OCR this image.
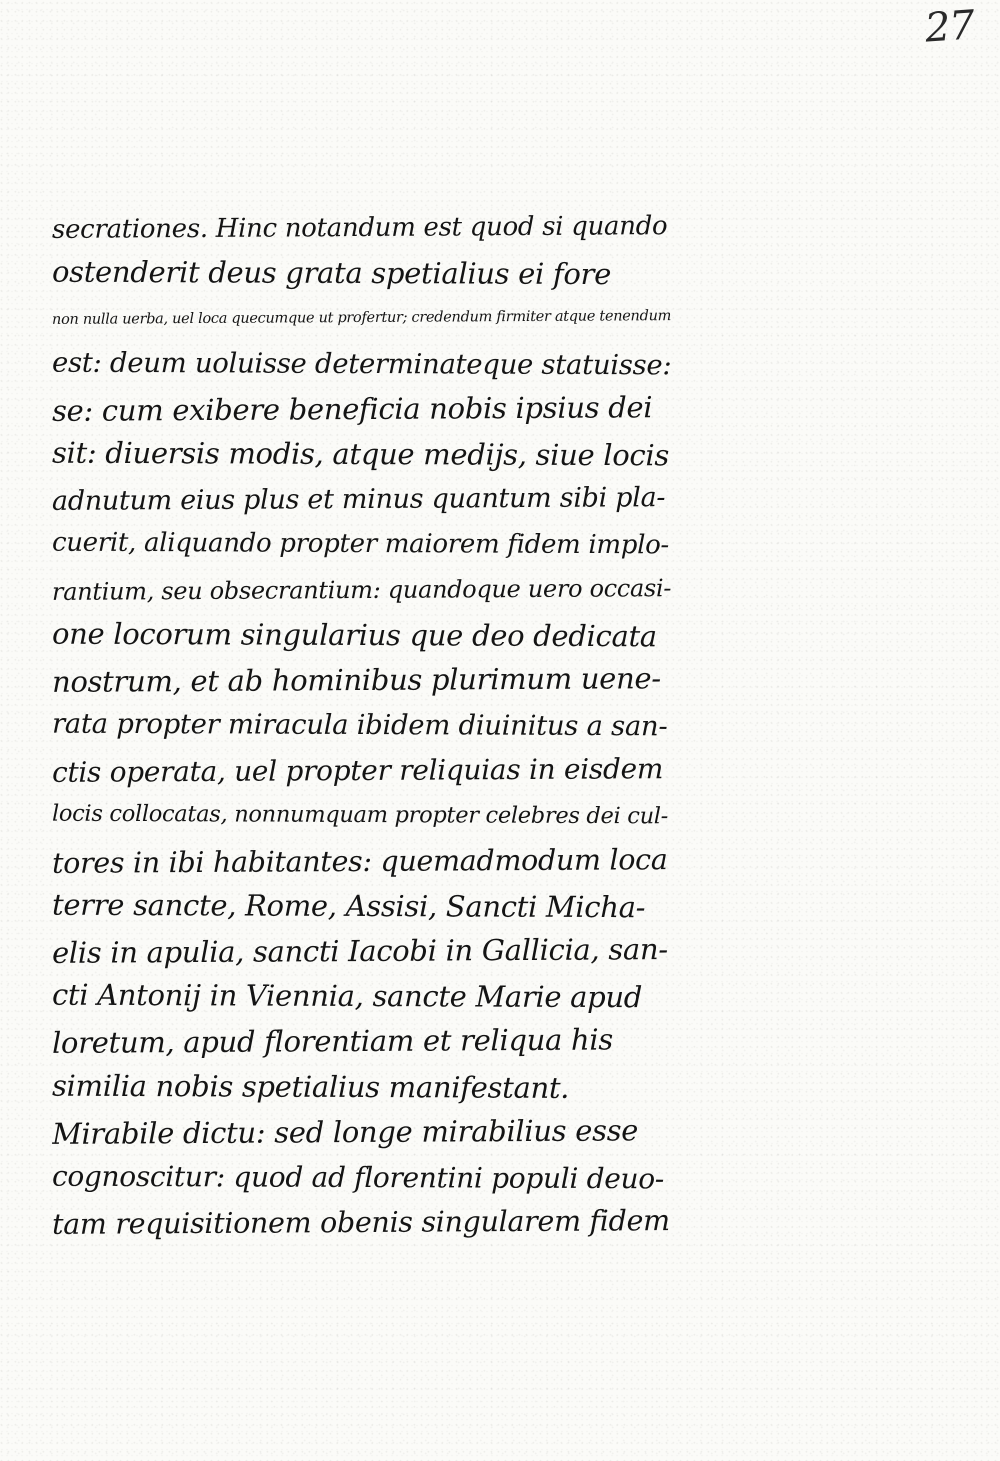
27

secrationes. Hinc notandum est quod si quando
ostenderit deus grata spetialius ei fore
non nulla uerba, uel loca quecumque ut profertur; credendum firmiter atque tenendum
est: deum uoluisse determinateque statuisse:
se: cum exibere beneficia nobis ipsius dei
sit: diuersis modis, atque medijs, siue locis
adnutum eius plus et minus quantum sibi pla-
cuerit, aliquando propter maiorem fidem implo-
rantium, seu obsecrantium: quandoque uero occasi-
one locorum singularius que deo dedicata
nostrum, et ab hominibus plurimum uene-
rata propter miracula ibidem diuinitus a san-
ctis operata, uel propter reliquias in eisdem
locis collocatas, nonnumquam propter celebres dei cul-
tores in ibi habitantes: quemadmodum loca
terre sancte, Rome, Assisi, Sancti Micha-
elis in apulia, sancti Iacobi in Gallicia, san-
cti Antonij in Viennia, sancte Marie apud
loretum, apud florentiam et reliqua his
similia nobis spetialius manifestant.
Mirabile dictu: sed longe mirabilius esse
cognoscitur: quod ad florentini populi deuo-
tam requisitionem obenis singularem fidem
